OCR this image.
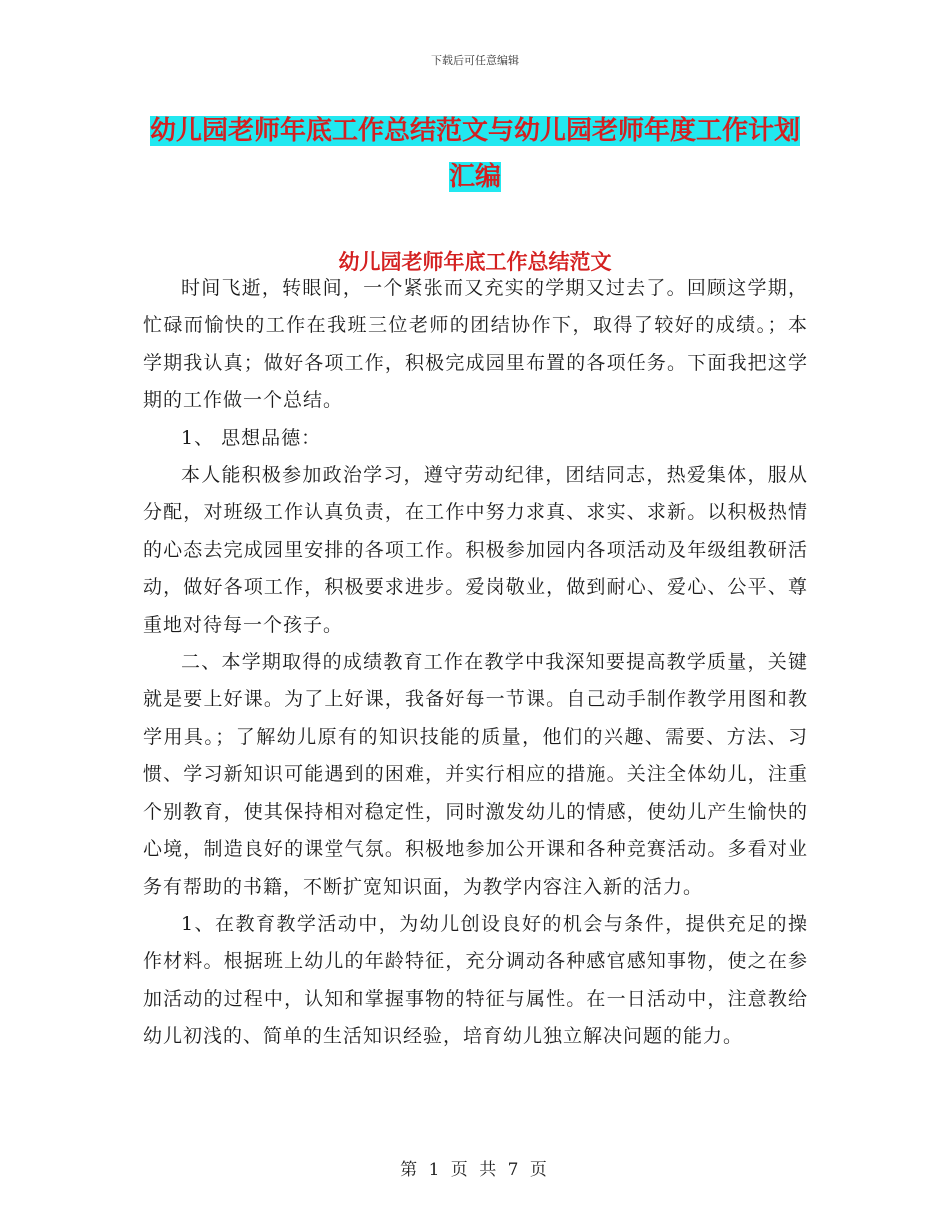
下载后可任意编辑
幼儿园老师年底工作总结范文与幼儿园老师年度工作计划汇编
幼儿园老师年底工作总结范文

时间飞逝，转眼间，一个紧张而又充实的学期又过去了。回顾这学期，忙碌而愉快的工作在我班三位老师的团结协作下，取得了较好的成绩。；本学期我认真；做好各项工作，积极完成园里布置的各项任务。下面我把这学期的工作做一个总结。

1、 思想品德：

本人能积极参加政治学习，遵守劳动纪律，团结同志，热爱集体，服从分配，对班级工作认真负责，在工作中努力求真、求实、求新。以积极热情的心态去完成园里安排的各项工作。积极参加园内各项活动及年级组教研活动，做好各项工作，积极要求进步。爱岗敬业，做到耐心、爱心、公平、尊重地对待每一个孩子。

二、本学期取得的成绩教育工作在教学中我深知要提高教学质量，关键就是要上好课。为了上好课，我备好每一节课。自己动手制作教学用图和教学用具。；了解幼儿原有的知识技能的质量，他们的兴趣、需要、方法、习惯、学习新知识可能遇到的困难，并实行相应的措施。关注全体幼儿，注重个别教育，使其保持相对稳定性，同时激发幼儿的情感，使幼儿产生愉快的心境，制造良好的课堂气氛。积极地参加公开课和各种竞赛活动。多看对业务有帮助的书籍，不断扩宽知识面，为教学内容注入新的活力。

1、在教育教学活动中，为幼儿创设良好的机会与条件，提供充足的操作材料。根据班上幼儿的年龄特征，充分调动各种感官感知事物，使之在参加活动的过程中，认知和掌握事物的特征与属性。在一日活动中，注意教给幼儿初浅的、简单的生活知识经验，培育幼儿独立解决问题的能力。

第 1 页 共 7 页
